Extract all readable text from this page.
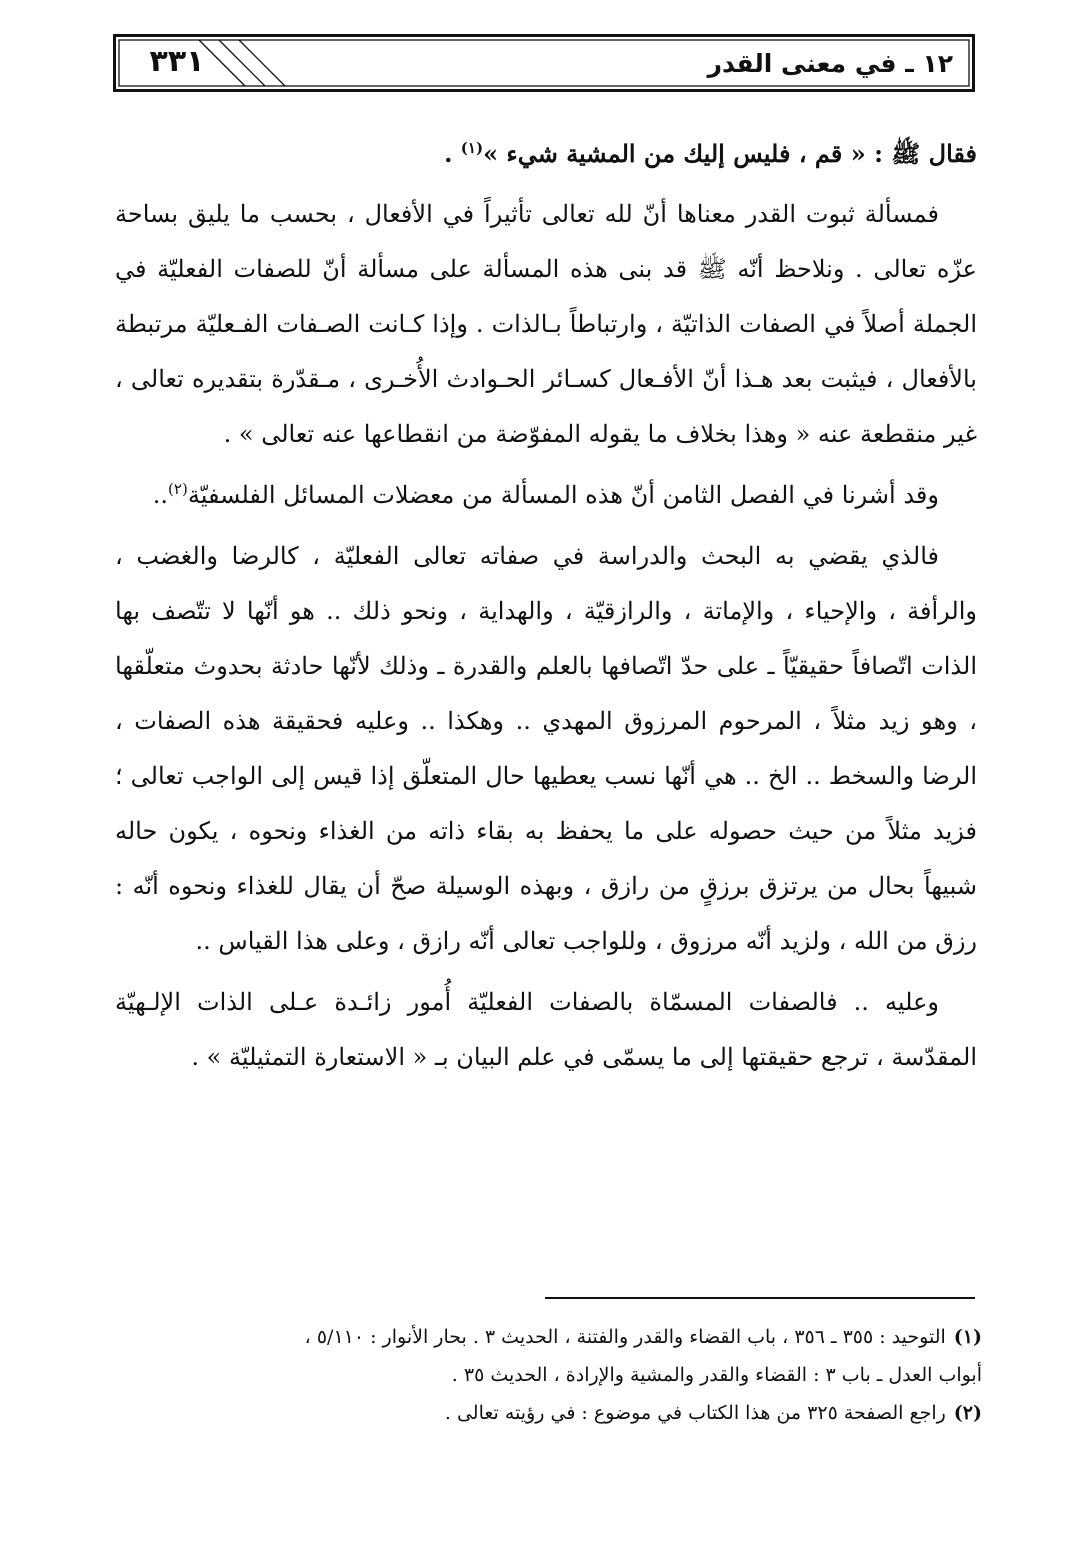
٣٣١	١٢ ـ في معنى القدر

فقال ﷺ : « قم ، فليس إليك من المشية شيء »$^{(١)}$ .

فمسألة ثبوت القدر معناها أنّ لله تعالى تأثيراً في الأفعال ، بحسب ما يليق بساحة عزّه تعالى . ونلاحظ أنّه ﷺ قد بنى هذه المسألة على مسألة أنّ للصفات الفعليّة في الجملة أصلاً في الصفات الذاتيّة ، وارتباطاً بـالذات . وإذا كـانت الصـفات الفـعليّة مرتبطة بالأفعال ، فيثبت بعد هـذا أنّ الأفـعال كسـائر الحـوادث الأُخـرى ، مـقدّرة بتقديره تعالى ، غير منقطعة عنه « وهذا بخلاف ما يقوله المفوّضة من انقطاعها عنه تعالى » .

وقد أشرنا في الفصل الثامن أنّ هذه المسألة من معضلات المسائل الفلسفيّة$^{(٢)}$..

فالذي يقضي به البحث والدراسة في صفاته تعالى الفعليّة ، كالرضا والغضب ، والرأفة ، والإحياء ، والإماتة ، والرازقيّة ، والهداية ، ونحو ذلك .. هو أنّها لا تتّصف بها الذات اتّصافاً حقيقيّاً ـ على حدّ اتّصافها بالعلم والقدرة ـ وذلك لأنّها حادثة بحدوث متعلّقها ، وهو زيد مثلاً ، المرحوم المرزوق المهدي .. وهكذا .. وعليه فحقيقة هذه الصفات ، الرضا والسخط .. الخ .. هي أنّها نسب يعطيها حال المتعلّق إذا قيس إلى الواجب تعالى ؛ فزيد مثلاً من حيث حصوله على ما يحفظ به بقاء ذاته من الغذاء ونحوه ، يكون حاله شبيهاً بحال من يرتزق برزقٍ من رازق ، وبهذه الوسيلة صحّ أن يقال للغذاء ونحوه أنّه : رزق من الله ، ولزيد أنّه مرزوق ، وللواجب تعالى أنّه رازق ، وعلى هذا القياس ..

وعليه .. فالصفات المسمّاة بالصفات الفعليّة أُمور زائـدة عـلى الذات الإلـهيّة المقدّسة ، ترجع حقيقتها إلى ما يسمّى في علم البيان بـ « الاستعارة التمثيليّة » .

(١)التوحيد : ٣٥٥ ـ ٣٥٦ ، باب القضاء والقدر والفتنة ، الحديث ٣ . بحار الأنوار : ٥/١١٠ ،

أبواب العدل ـ باب ٣ : القضاء والقدر والمشية والإرادة ، الحديث ٣٥ .

(٢)راجع الصفحة ٣٢٥ من هذا الكتاب في موضوع : في رؤيته تعالى .
